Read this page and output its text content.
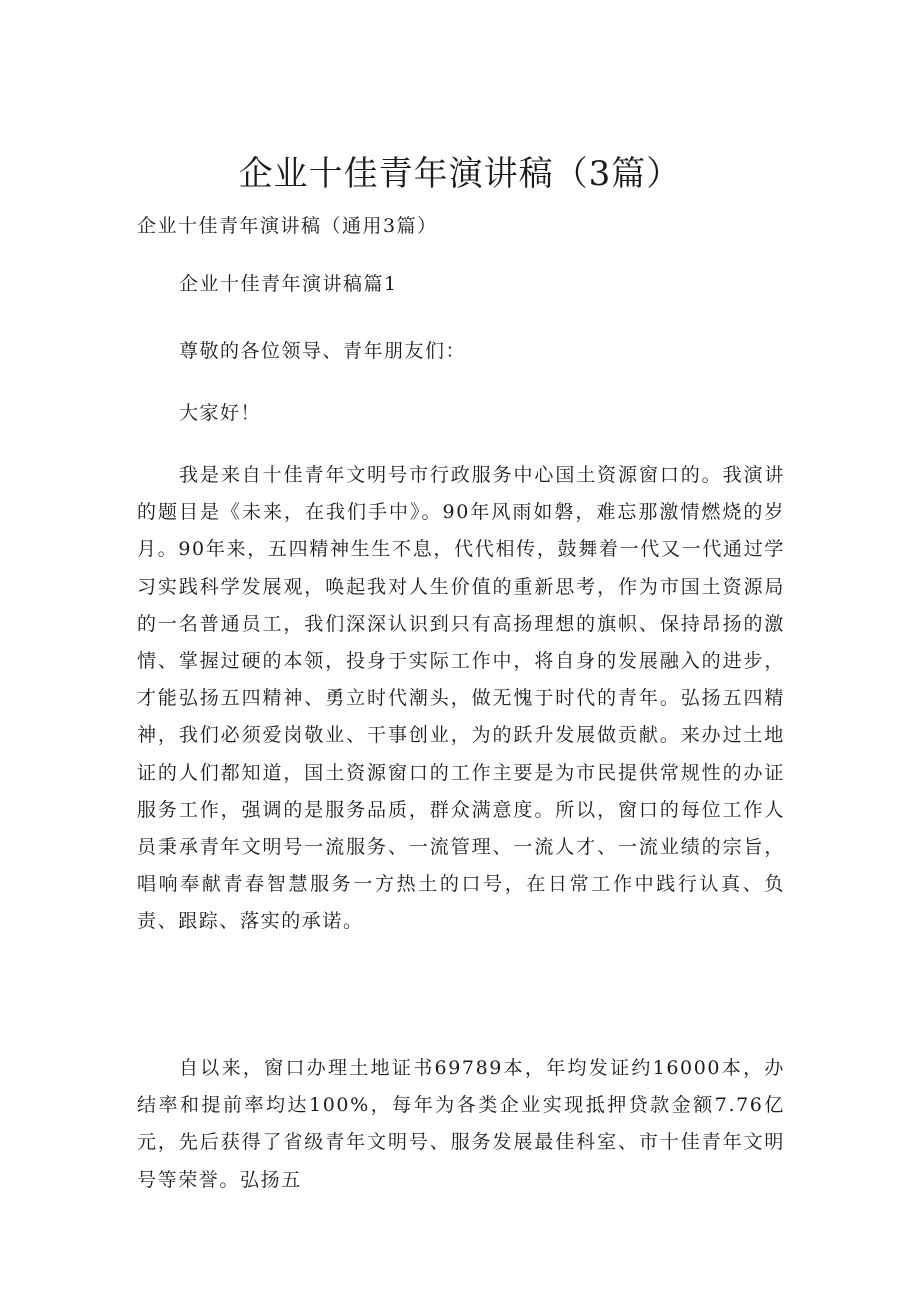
企业十佳青年演讲稿（3篇）

企业十佳青年演讲稿（通用3篇）

企业十佳青年演讲稿篇1

尊敬的各位领导、青年朋友们：

大家好！

我是来自十佳青年文明号市行政服务中心国土资源窗口的。我演讲的题目是《未来，在我们手中》。90年风雨如磐，难忘那激情燃烧的岁月。90年来，五四精神生生不息，代代相传，鼓舞着一代又一代通过学习实践科学发展观，唤起我对人生价值的重新思考，作为市国土资源局的一名普通员工，我们深深认识到只有高扬理想的旗帜、保持昂扬的激情、掌握过硬的本领，投身于实际工作中，将自身的发展融入的进步，才能弘扬五四精神、勇立时代潮头，做无愧于时代的青年。弘扬五四精神，我们必须爱岗敬业、干事创业，为的跃升发展做贡献。来办过土地证的人们都知道，国土资源窗口的工作主要是为市民提供常规性的办证服务工作，强调的是服务品质，群众满意度。所以，窗口的每位工作人员秉承青年文明号一流服务、一流管理、一流人才、一流业绩的宗旨，唱响奉献青春智慧服务一方热土的口号，在日常工作中践行认真、负责、跟踪、落实的承诺。

自以来，窗口办理土地证书69789本，年均发证约16000本，办结率和提前率均达100%，每年为各类企业实现抵押贷款金额7.76亿元，先后获得了省级青年文明号、服务发展最佳科室、市十佳青年文明号等荣誉。弘扬五
